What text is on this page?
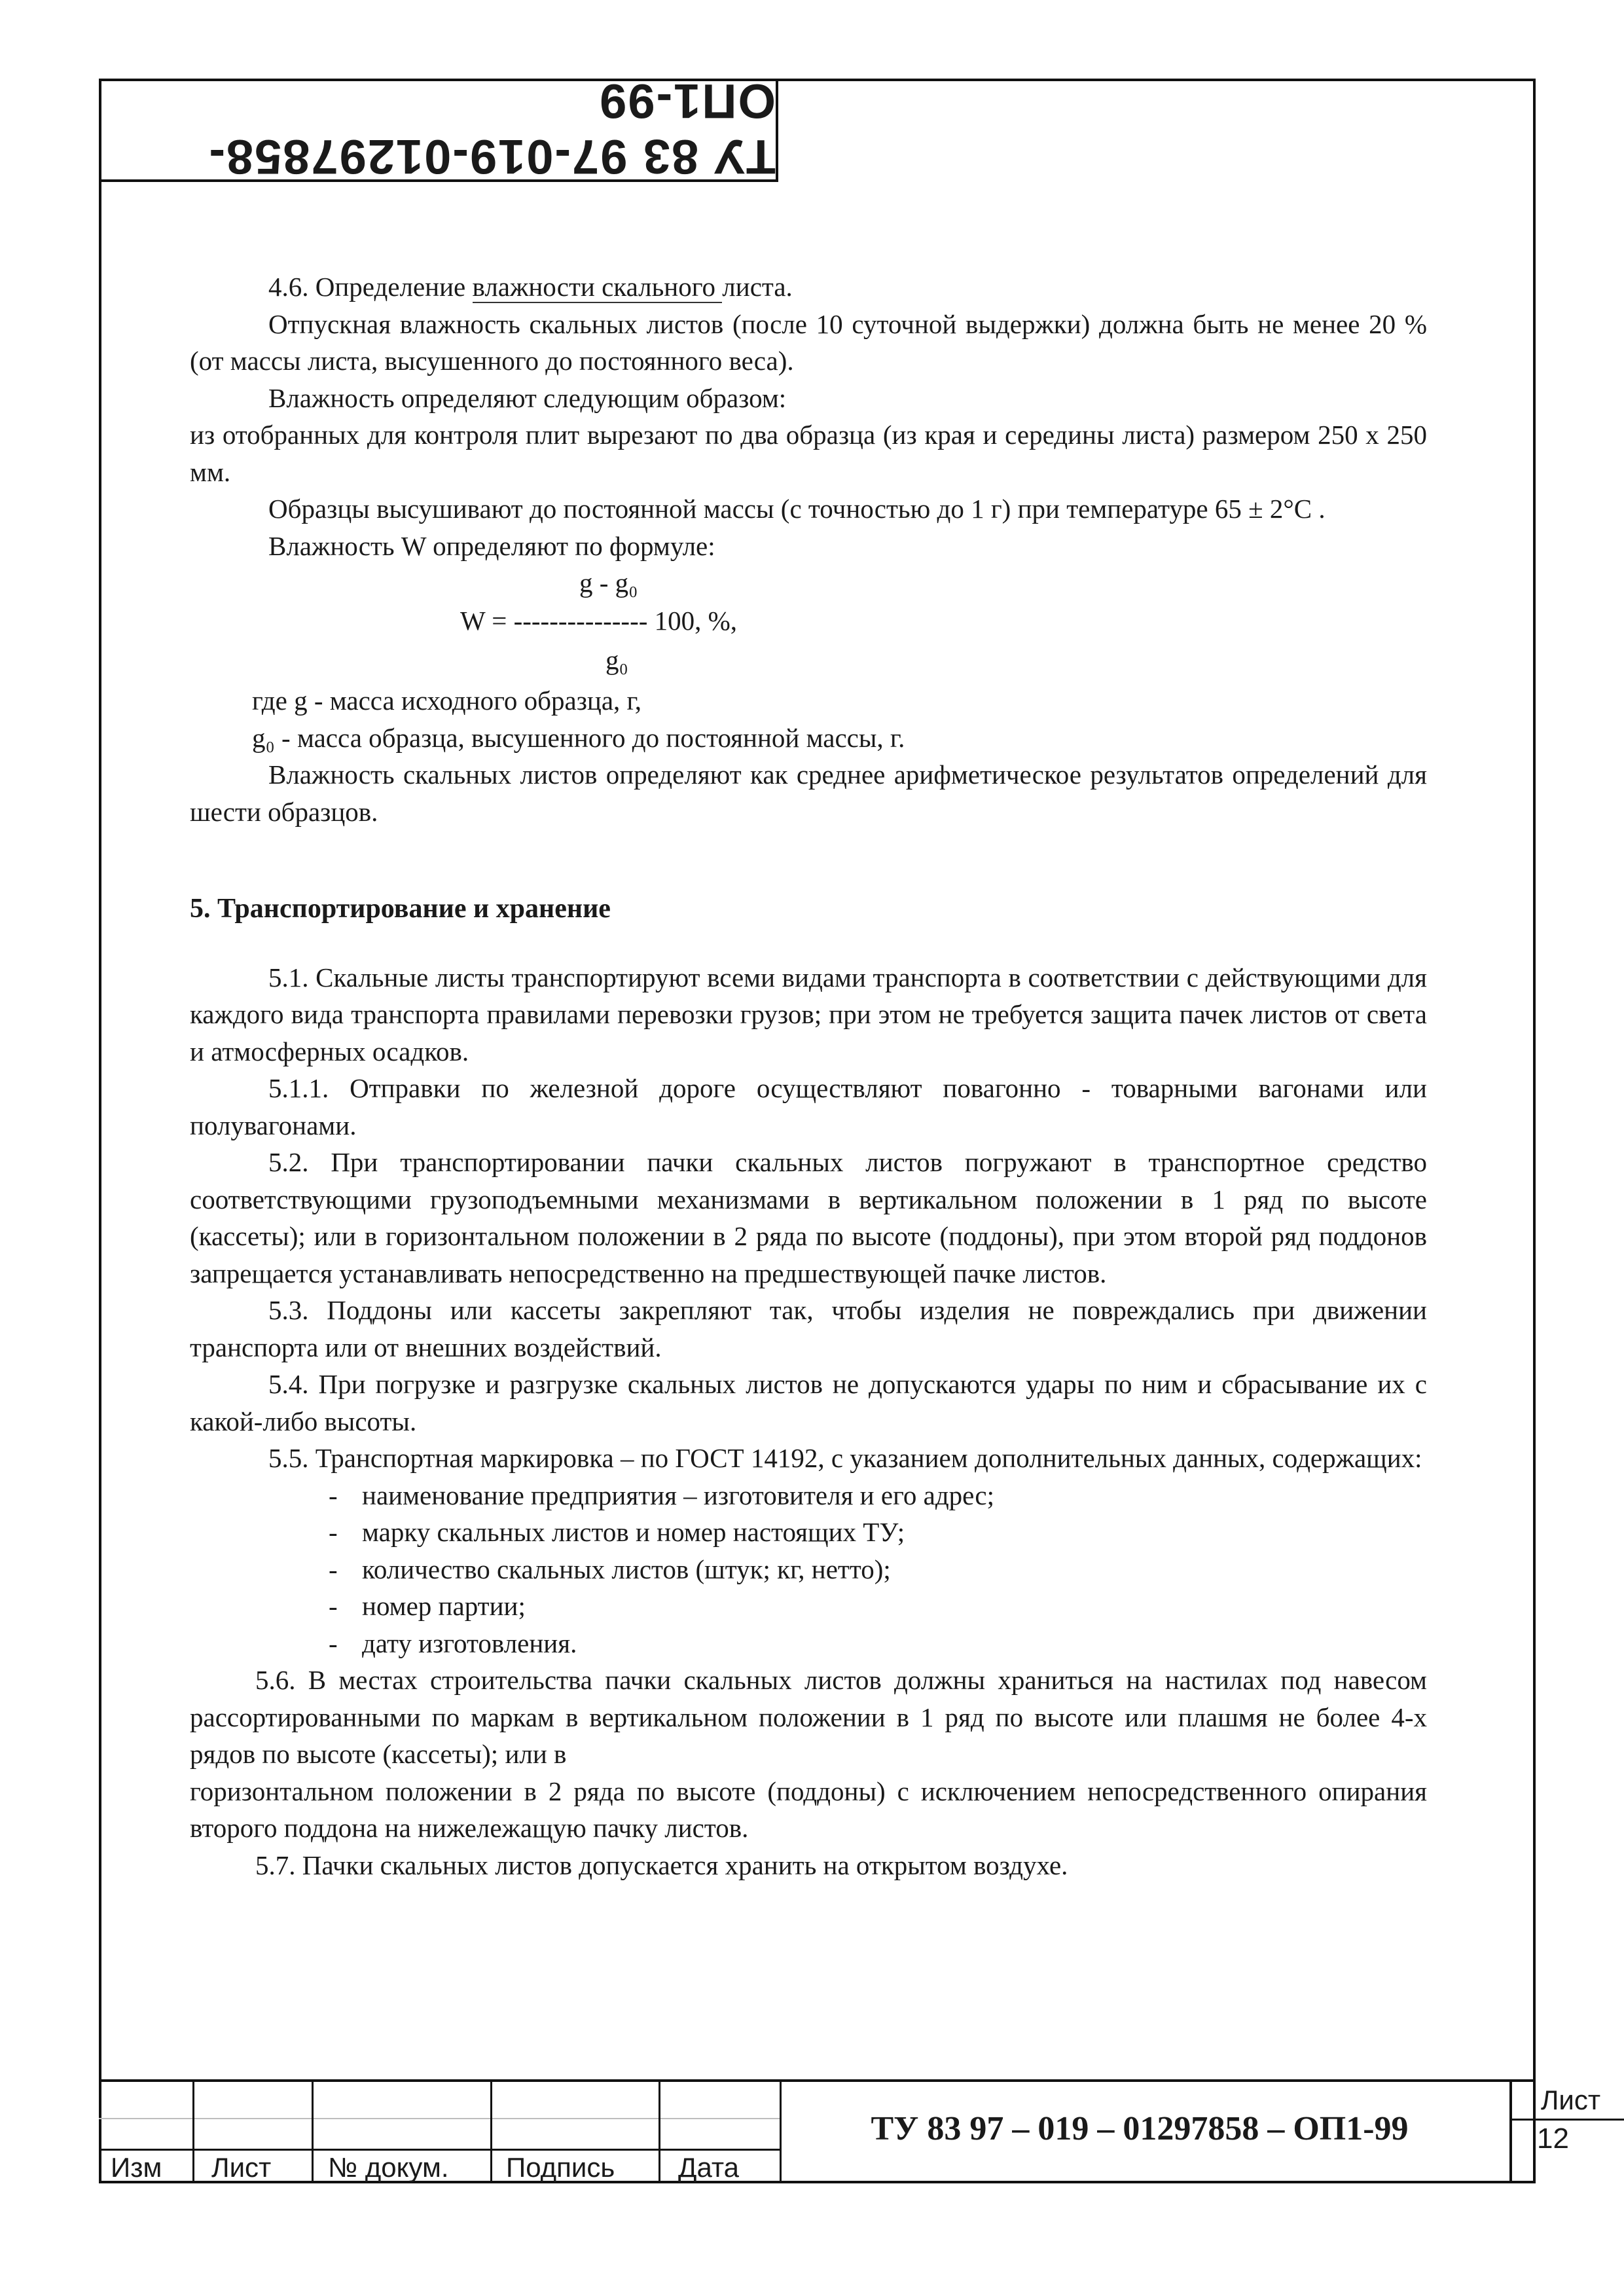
ТУ 83 97-019-01297858-ОП1-99

4.6. Определение влажности скального листа.

Отпускная влажность скальных листов (после 10 суточной выдержки) должна быть не менее 20 % (от массы листа, высушенного до постоянного веса).

Влажность определяют следующим образом:

из отобранных для контроля плит вырезают по два образца (из края и середины листа) размером 250 х 250 мм.

Образцы высушивают до постоянной массы (с точностью до 1 г) при температуре 65 ± 2°С .

Влажность W определяют по формуле:

g - g₀
W = --------------- 100, %,
g₀

где g - масса исходного образца, г,

g₀ - масса образца, высушенного до постоянной массы, г.

Влажность скальных листов определяют как среднее арифметическое результатов определений для шести образцов.

5. Транспортирование и хранение

5.1. Скальные листы транспортируют всеми видами транспорта в соответствии с действующими для каждого вида транспорта правилами перевозки грузов; при этом не требуется защита пачек листов от света и атмосферных осадков.

5.1.1. Отправки по железной дороге осуществляют повагонно - товарными вагонами или полувагонами.

5.2. При транспортировании пачки скальных листов погружают в транспортное средство соответствующими грузоподъемными механизмами в вертикальном положении в 1 ряд по высоте (кассеты); или в горизонтальном положении в 2 ряда по высоте (поддоны), при этом второй ряд поддонов запрещается устанавливать непосредственно на предшествующей пачке листов.

5.3. Поддоны или кассеты закрепляют так, чтобы изделия не повреждались при движении транспорта или от внешних воздействий.

5.4. При погрузке и разгрузке скальных листов не допускаются удары по ним и сбрасывание их с какой-либо высоты.

5.5. Транспортная маркировка – по ГОСТ 14192, с указанием дополнительных данных, содержащих:

- наименование предприятия – изготовителя и его адрес;
- марку скальных листов и номер настоящих ТУ;
- количество скальных листов (штук; кг, нетто);
- номер партии;
- дату изготовления.

5.6. В местах строительства пачки скальных листов должны храниться на настилах под навесом рассортированными по маркам в вертикальном положении в 1 ряд по высоте или плашмя не более 4-х рядов по высоте (кассеты); или в

горизонтальном положении в 2 ряда по высоте (поддоны) с исключением непосредственного опирания второго поддона на нижележащую пачку листов.

5.7. Пачки скальных листов допускается хранить на открытом воздухе.

Изм Лист № докум. Подпись Дата
ТУ 83 97 – 019 – 01297858 – ОП1-99
Лист
12
